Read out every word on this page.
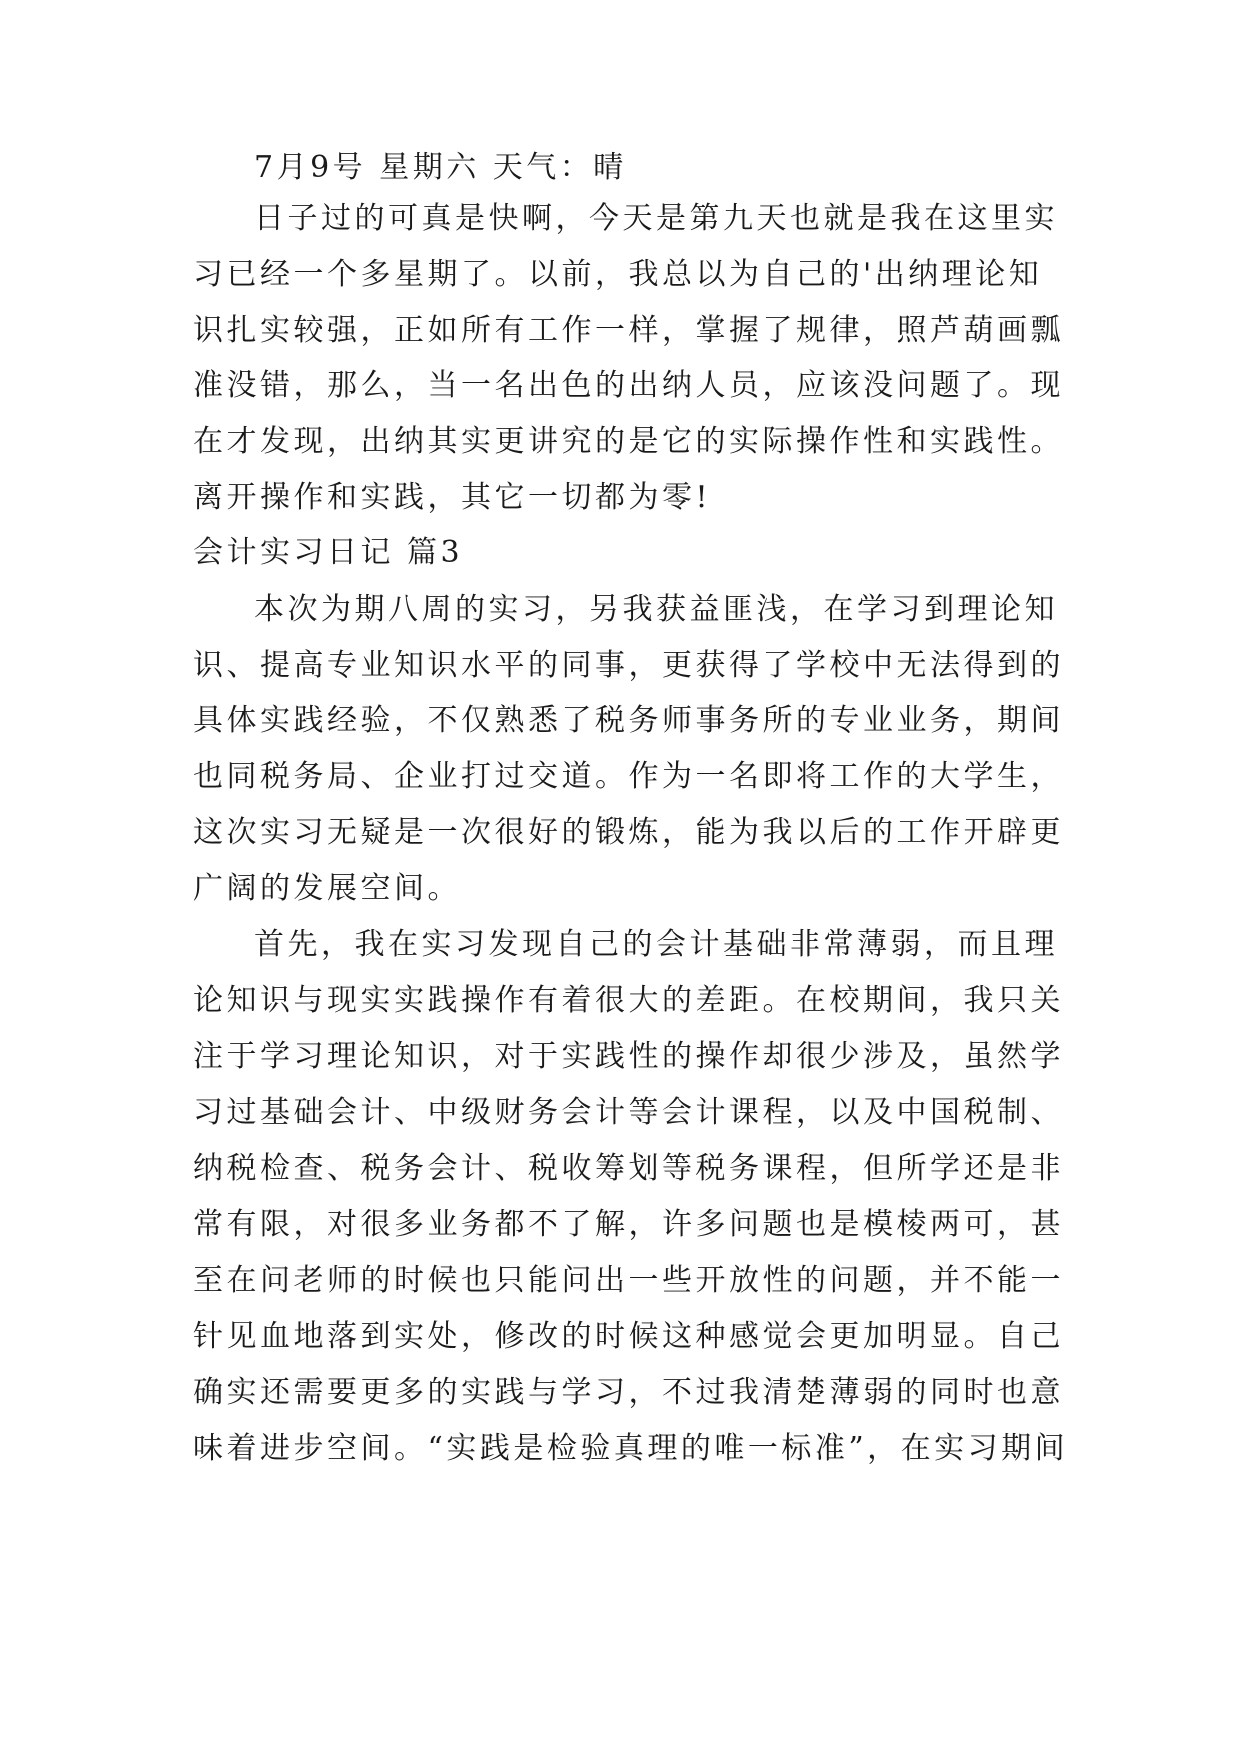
7月9号 星期六 天气：晴
日子过的可真是快啊，今天是第九天也就是我在这里实
习已经一个多星期了。以前，我总以为自己的'出纳理论知
识扎实较强，正如所有工作一样，掌握了规律，照芦葫画瓢
准没错，那么，当一名出色的出纳人员，应该没问题了。现
在才发现，出纳其实更讲究的是它的实际操作性和实践性。
离开操作和实践，其它一切都为零!
会计实习日记 篇3
本次为期八周的实习，另我获益匪浅，在学习到理论知
识、提高专业知识水平的同事，更获得了学校中无法得到的
具体实践经验，不仅熟悉了税务师事务所的专业业务，期间
也同税务局、企业打过交道。作为一名即将工作的大学生，
这次实习无疑是一次很好的锻炼，能为我以后的工作开辟更
广阔的发展空间。
首先，我在实习发现自己的会计基础非常薄弱，而且理
论知识与现实实践操作有着很大的差距。在校期间，我只关
注于学习理论知识，对于实践性的操作却很少涉及，虽然学
习过基础会计、中级财务会计等会计课程，以及中国税制、
纳税检查、税务会计、税收筹划等税务课程，但所学还是非
常有限，对很多业务都不了解，许多问题也是模棱两可，甚
至在问老师的时候也只能问出一些开放性的问题，并不能一
针见血地落到实处，修改的时候这种感觉会更加明显。自己
确实还需要更多的实践与学习，不过我清楚薄弱的同时也意
味着进步空间。“实践是检验真理的唯一标准”，在实习期间
